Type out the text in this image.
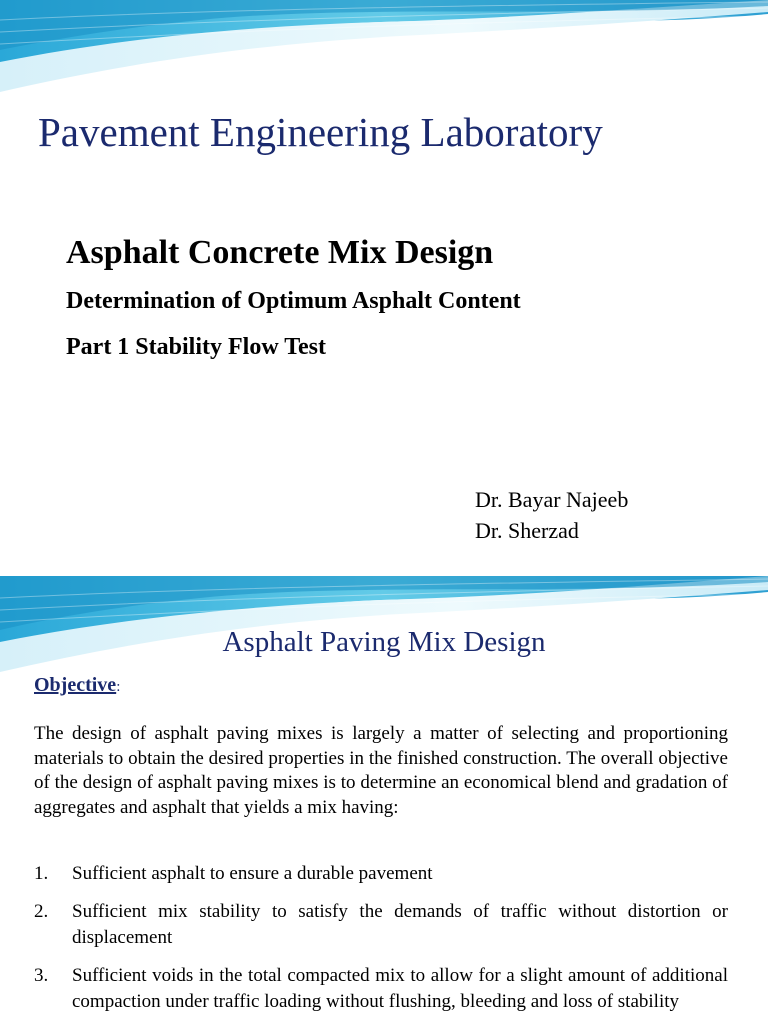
Pavement Engineering Laboratory
Asphalt Concrete Mix Design
Determination of Optimum Asphalt Content
Part 1 Stability Flow Test
Dr. Bayar Najeeb
Dr. Sherzad
Asphalt Paving Mix Design
Objective:

The design of asphalt paving mixes is largely a matter of selecting and proportioning materials to obtain the desired properties in the finished construction. The overall objective of the design of asphalt paving mixes is to determine an economical blend and gradation of aggregates and asphalt that yields a mix having:

1. Sufficient asphalt to ensure a durable pavement
2. Sufficient mix stability to satisfy the demands of traffic without distortion or displacement
3. Sufficient voids in the total compacted mix to allow for a slight amount of additional compaction under traffic loading without flushing, bleeding and loss of stability
